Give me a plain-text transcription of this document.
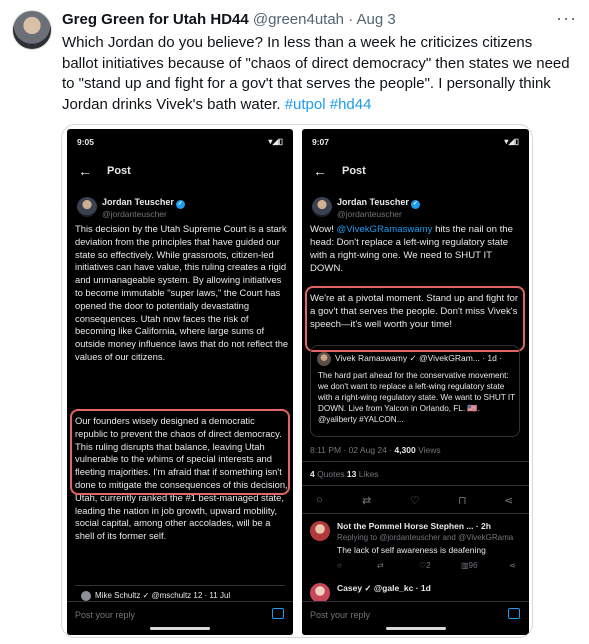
Greg Green for Utah HD44 @green4utah · Aug 3	···
Which Jordan do you believe? In less than a week he criticizes citizens ballot initiatives because of "chaos of direct democracy" then states we need to "stand up and fight for a gov't that serves the people". I personally think Jordan drinks Vivek's bath water. #utpol #hd44
9:05	▾◢▯
← Post
Jordan Teuscher ✓
@jordanteuscher
This decision by the Utah Supreme Court is a stark deviation from the principles that have guided our state so effectively. While grassroots, citizen-led initiatives can have value, this ruling creates a rigid and unmanageable system. By allowing initiatives to become immutable "super laws," the Court has opened the door to potentially devastating consequences. Utah now faces the risk of becoming like California, where large sums of outside money influence laws that do not reflect the values of our citizens.
Our founders wisely designed a democratic republic to prevent the chaos of direct democracy. This ruling disrupts that balance, leaving Utah vulnerable to the whims of special interests and fleeting majorities. I'm afraid that if something isn't done to mitigate the consequences of this decision, Utah, currently ranked the #1 best-managed state, leading the nation in job growth, upward mobility, social capital, among other accolades, will be a shell of its former self.
Mike Schultz ✓ @mschultz 12 · 11 Jul
Post your reply
9:07	▾◢▯
← Post
Jordan Teuscher ✓
@jordanteuscher
Wow! @VivekGRamaswamy hits the nail on the head: Don't replace a left-wing regulatory state with a right-wing one. We need to SHUT IT DOWN.
We're at a pivotal moment. Stand up and fight for a gov't that serves the people. Don't miss Vivek's speech—it's well worth your time!
Vivek Ramaswamy ✓ @VivekGRam... · 1d ·
The hard part ahead for the conservative movement: we don't want to replace a left-wing regulatory state with a right-wing regulatory state. We want to SHUT IT DOWN. Live from Yalcon in Orlando, FL. 🇺🇸. @yaliberty #YALCON...
8:11 PM · 02 Aug 24 · 4,300 Views
4 Quotes 13 Likes
○	⇄	♡	⊓	⋖
Not the Pommel Horse Stephen ... · 2h
Replying to @jordanteuscher and @VivekGRama
The lack of self awareness is deafening
○	⇄	♡2	▥96	⋖
Casey ✓ @gale_kc · 1d
Post your reply
